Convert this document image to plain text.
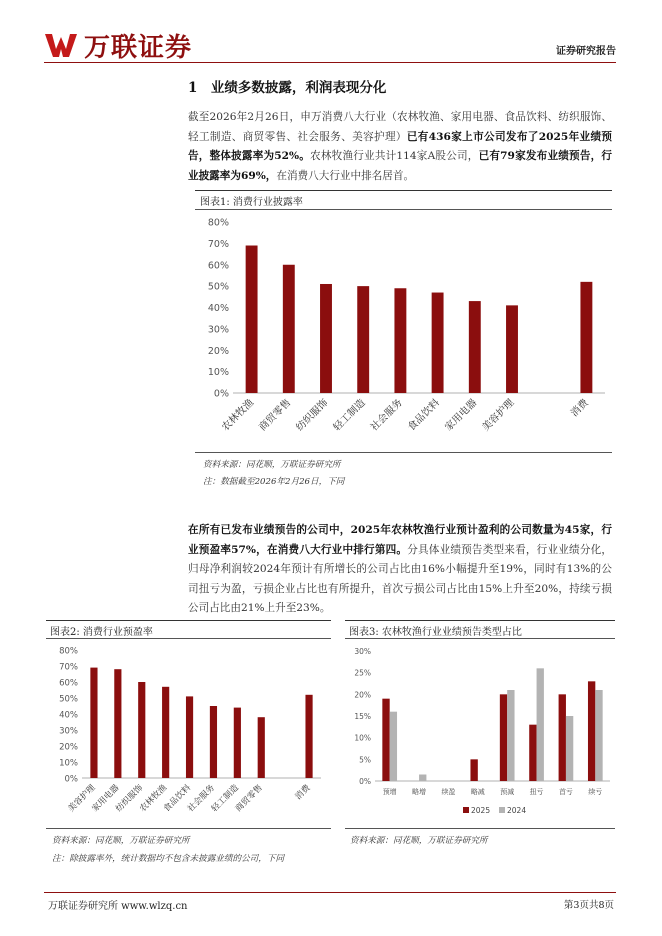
万联证券	证券研究报告
1　业绩多数披露，利润表现分化
截至2026年2月26日，申万消费八大行业（农林牧渔、家用电器、食品饮料、纺织服饰、轻工制造、商贸零售、社会服务、美容护理）已有436家上市公司发布了2025年业绩预告，整体披露率为52%。农林牧渔行业共计114家A股公司，已有79家发布业绩预告，行业披露率为69%，在消费八大行业中排名居首。
图表1: 消费行业披露率
0%
10%
20%
30%
40%
50%
60%
70%
80%
农林牧渔 商贸零售 纺织服饰 轻工制造 社会服务 食品饮料 家用电器 美容护理	消费
资料来源：同花顺，万联证券研究所
注：数据截至2026年2月26日，下同
在所有已发布业绩预告的公司中，2025年农林牧渔行业预计盈利的公司数量为45家，行业预盈率57%，在消费八大行业中排行第四。分具体业绩预告类型来看，行业业绩分化，归母净利润较2024年预计有所增长的公司占比由16%小幅提升至19%，同时有13%的公司扭亏为盈，亏损企业占比也有所提升，首次亏损公司占比由15%上升至20%，持续亏损公司占比由21%上升至23%。
图表2: 消费行业预盈率
0%
10%
20%
30%
40%
50%
60%
70%
80%
美容护理
家用电器
纺织服饰
农林牧渔
食品饮料
社会服务
轻工制造
商贸零售	消费
资料来源：同花顺，万联证券研究所
注：除披露率外，统计数据均不包含未披露业绩的公司，下同
图表3: 农林牧渔行业业绩预告类型占比
0%
5%
10%
15%
20%
25%
30%
预增 略增 续盈 略减 预减 扭亏 首亏 续亏
2025 2024
资料来源：同花顺，万联证券研究所
万联证券研究所 www.wlzq.cn	第3页共8页
